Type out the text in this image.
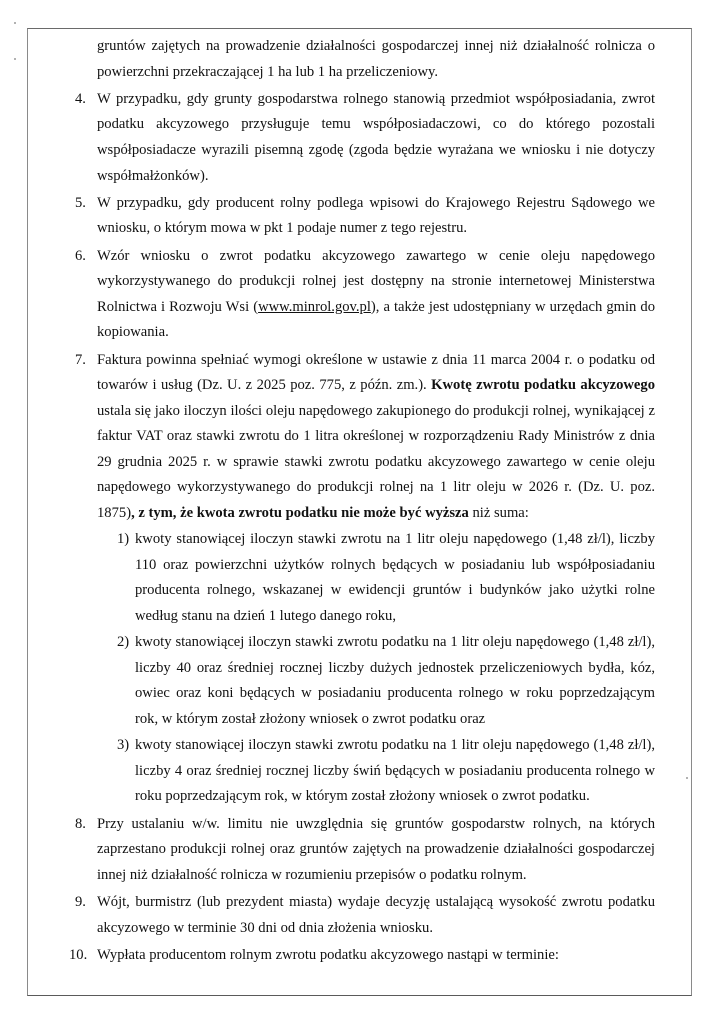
gruntów zajętych na prowadzenie działalności gospodarczej innej niż działalność rolnicza o powierzchni przekraczającej 1 ha lub 1 ha przeliczeniowy.

4. W przypadku, gdy grunty gospodarstwa rolnego stanowią przedmiot współposiadania, zwrot podatku akcyzowego przysługuje temu współposiadaczowi, co do którego pozostali współposiadacze wyrazili pisemną zgodę (zgoda będzie wyrażana we wniosku i nie dotyczy współmałżonków).
5. W przypadku, gdy producent rolny podlega wpisowi do Krajowego Rejestru Sądowego we wniosku, o którym mowa w pkt 1 podaje numer z tego rejestru.
6. Wzór wniosku o zwrot podatku akcyzowego zawartego w cenie oleju napędowego wykorzystywanego do produkcji rolnej jest dostępny na stronie internetowej Ministerstwa Rolnictwa i Rozwoju Wsi (www.minrol.gov.pl), a także jest udostępniany w urzędach gmin do kopiowania.
7. Faktura powinna spełniać wymogi określone w ustawie z dnia 11 marca 2004 r. o podatku od towarów i usług (Dz. U. z 2025 poz. 775, z późn. zm.). Kwotę zwrotu podatku akcyzowego ustala się jako iloczyn ilości oleju napędowego zakupionego do produkcji rolnej, wynikającej z faktur VAT oraz stawki zwrotu do 1 litra określonej w rozporządzeniu Rady Ministrów z dnia 29 grudnia 2025 r. w sprawie stawki zwrotu podatku akcyzowego zawartego w cenie oleju napędowego wykorzystywanego do produkcji rolnej na 1 litr oleju w 2026 r. (Dz. U. poz. 1875), z tym, że kwota zwrotu podatku nie może być wyższa niż suma:
1) kwoty stanowiącej iloczyn stawki zwrotu na 1 litr oleju napędowego (1,48 zł/l), liczby 110 oraz powierzchni użytków rolnych będących w posiadaniu lub współposiadaniu producenta rolnego, wskazanej w ewidencji gruntów i budynków jako użytki rolne według stanu na dzień 1 lutego danego roku,
2) kwoty stanowiącej iloczyn stawki zwrotu podatku na 1 litr oleju napędowego (1,48 zł/l), liczby 40 oraz średniej rocznej liczby dużych jednostek przeliczeniowych bydła, kóz, owiec oraz koni będących w posiadaniu producenta rolnego w roku poprzedzającym rok, w którym został złożony wniosek o zwrot podatku oraz
3) kwoty stanowiącej iloczyn stawki zwrotu podatku na 1 litr oleju napędowego (1,48 zł/l), liczby 4 oraz średniej rocznej liczby świń będących w posiadaniu producenta rolnego w roku poprzedzającym rok, w którym został złożony wniosek o zwrot podatku.
8. Przy ustalaniu w/w. limitu nie uwzględnia się gruntów gospodarstw rolnych, na których zaprzestano produkcji rolnej oraz gruntów zajętych na prowadzenie działalności gospodarczej innej niż działalność rolnicza w rozumieniu przepisów o podatku rolnym.
9. Wójt, burmistrz (lub prezydent miasta) wydaje decyzję ustalającą wysokość zwrotu podatku akcyzowego w terminie 30 dni od dnia złożenia wniosku.
10. Wypłata producentom rolnym zwrotu podatku akcyzowego nastąpi w terminie:
